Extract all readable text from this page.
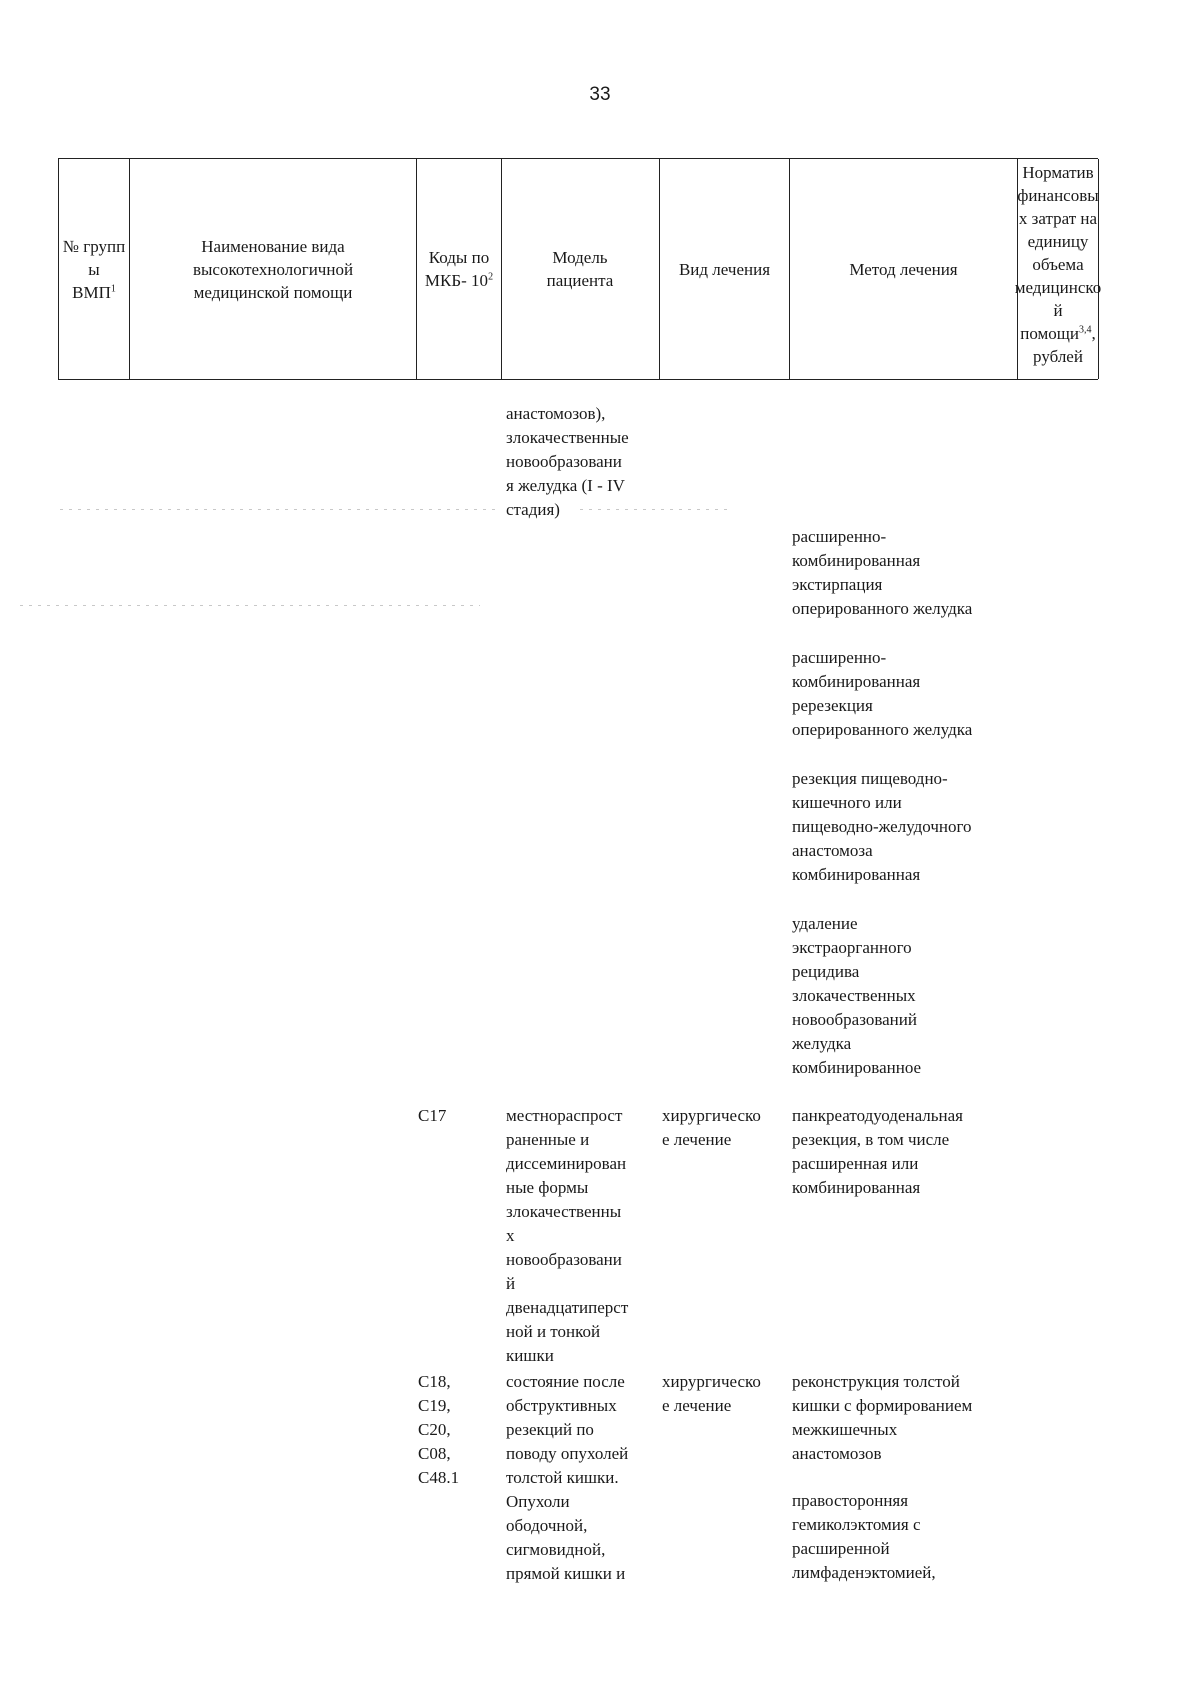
33
№ групп ы
ВМП$^1$
Наименование вида высокотехнологичной медицинской помощи
Коды по МКБ- $10^2$
Модель пациента
Вид лечения	Метод лечения
Норматив финансовы х затрат на единицу объема медицинско й помощи$^{3,4}$, рублей
анастомозов),
злокачественные
новообразовани
я желудка (I - IV
стадия)
расширенно-
комбинированная
экстирпация
оперированного желудка
расширенно-
комбинированная
ререзекция
оперированного желудка
резекция пищеводно-
кишечного или
пищеводно-желудочного
анастомоза
комбинированная
удаление
экстраорганного
рецидива
злокачественных
новообразований
желудка
комбинированное
C17	местнораспрост
раненные и
диссеминирован
ные формы
злокачественны
х
новообразовани
й
двенадцатиперст
ной и тонкой
кишки
хирургическо
е лечение
панкреатодуоденальная
резекция, в том числе
расширенная или
комбинированная
C18,
C19,
C20,
C08,
C48.1
состояние после
обструктивных
резекций по
поводу опухолей
толстой кишки.
Опухоли
ободочной,
сигмовидной,
прямой кишки и
хирургическо
е лечение
реконструкция толстой
кишки с формированием
межкишечных
анастомозов
правосторонняя
гемиколэктомия с
расширенной
лимфаденэктомией,
